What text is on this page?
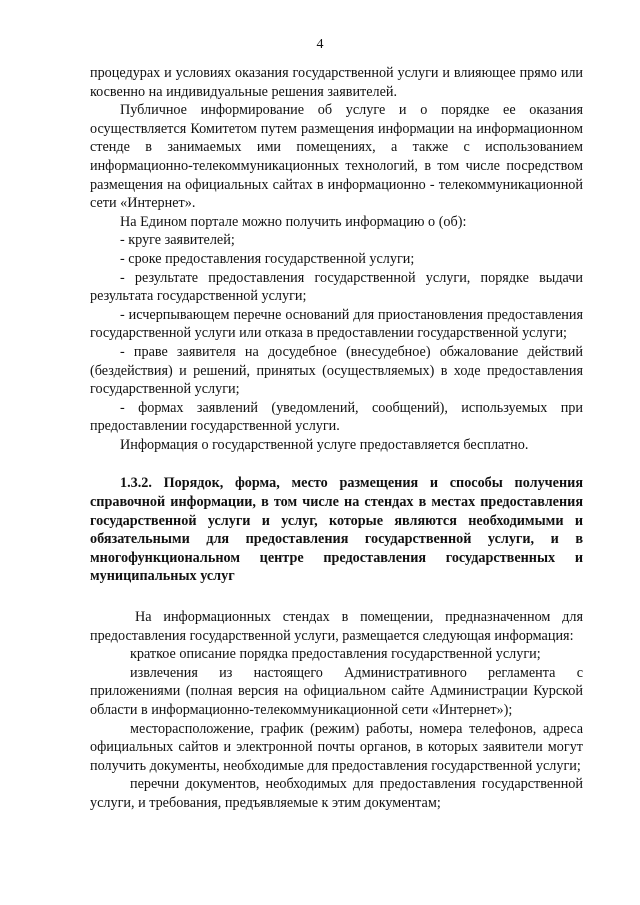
4

процедурах и условиях оказания государственной услуги и влияющее прямо или косвенно на индивидуальные решения заявителей.

Публичное информирование об услуге и о порядке ее оказания осуществляется Комитетом путем размещения информации на информационном стенде в занимаемых ими помещениях, а также с использованием информационно-телекоммуникационных технологий, в том числе посредством размещения на официальных сайтах в информационно - телекоммуникационной сети «Интернет».

На Едином портале можно получить информацию о (об):

- круге заявителей;

- сроке предоставления государственной услуги;

- результате предоставления государственной услуги, порядке выдачи результата государственной услуги;

- исчерпывающем перечне оснований для приостановления предоставления государственной услуги или отказа в предоставлении государственной услуги;

- праве заявителя на досудебное (внесудебное) обжалование действий (бездействия) и решений, принятых (осуществляемых) в ходе предоставления государственной услуги;

- формах заявлений (уведомлений, сообщений), используемых при предоставлении государственной услуги.

Информация о государственной услуге предоставляется бесплатно.

1.3.2. Порядок, форма, место размещения и способы получения справочной информации, в том числе на стендах в местах предоставления государственной услуги и услуг, которые являются необходимыми и обязательными для предоставления государственной услуги, и в многофункциональном центре предоставления государственных и муниципальных услуг

На информационных стендах в помещении, предназначенном для предоставления государственной услуги, размещается следующая информация:

краткое описание порядка предоставления государственной услуги;

извлечения из настоящего Административного регламента с приложениями (полная версия на официальном сайте Администрации Курской области в информационно-телекоммуникационной сети «Интернет»);

месторасположение, график (режим) работы, номера телефонов, адреса официальных сайтов и электронной почты органов, в которых заявители могут получить документы, необходимые для предоставления государственной услуги;

перечни документов, необходимых для предоставления государственной услуги, и требования, предъявляемые к этим документам;
